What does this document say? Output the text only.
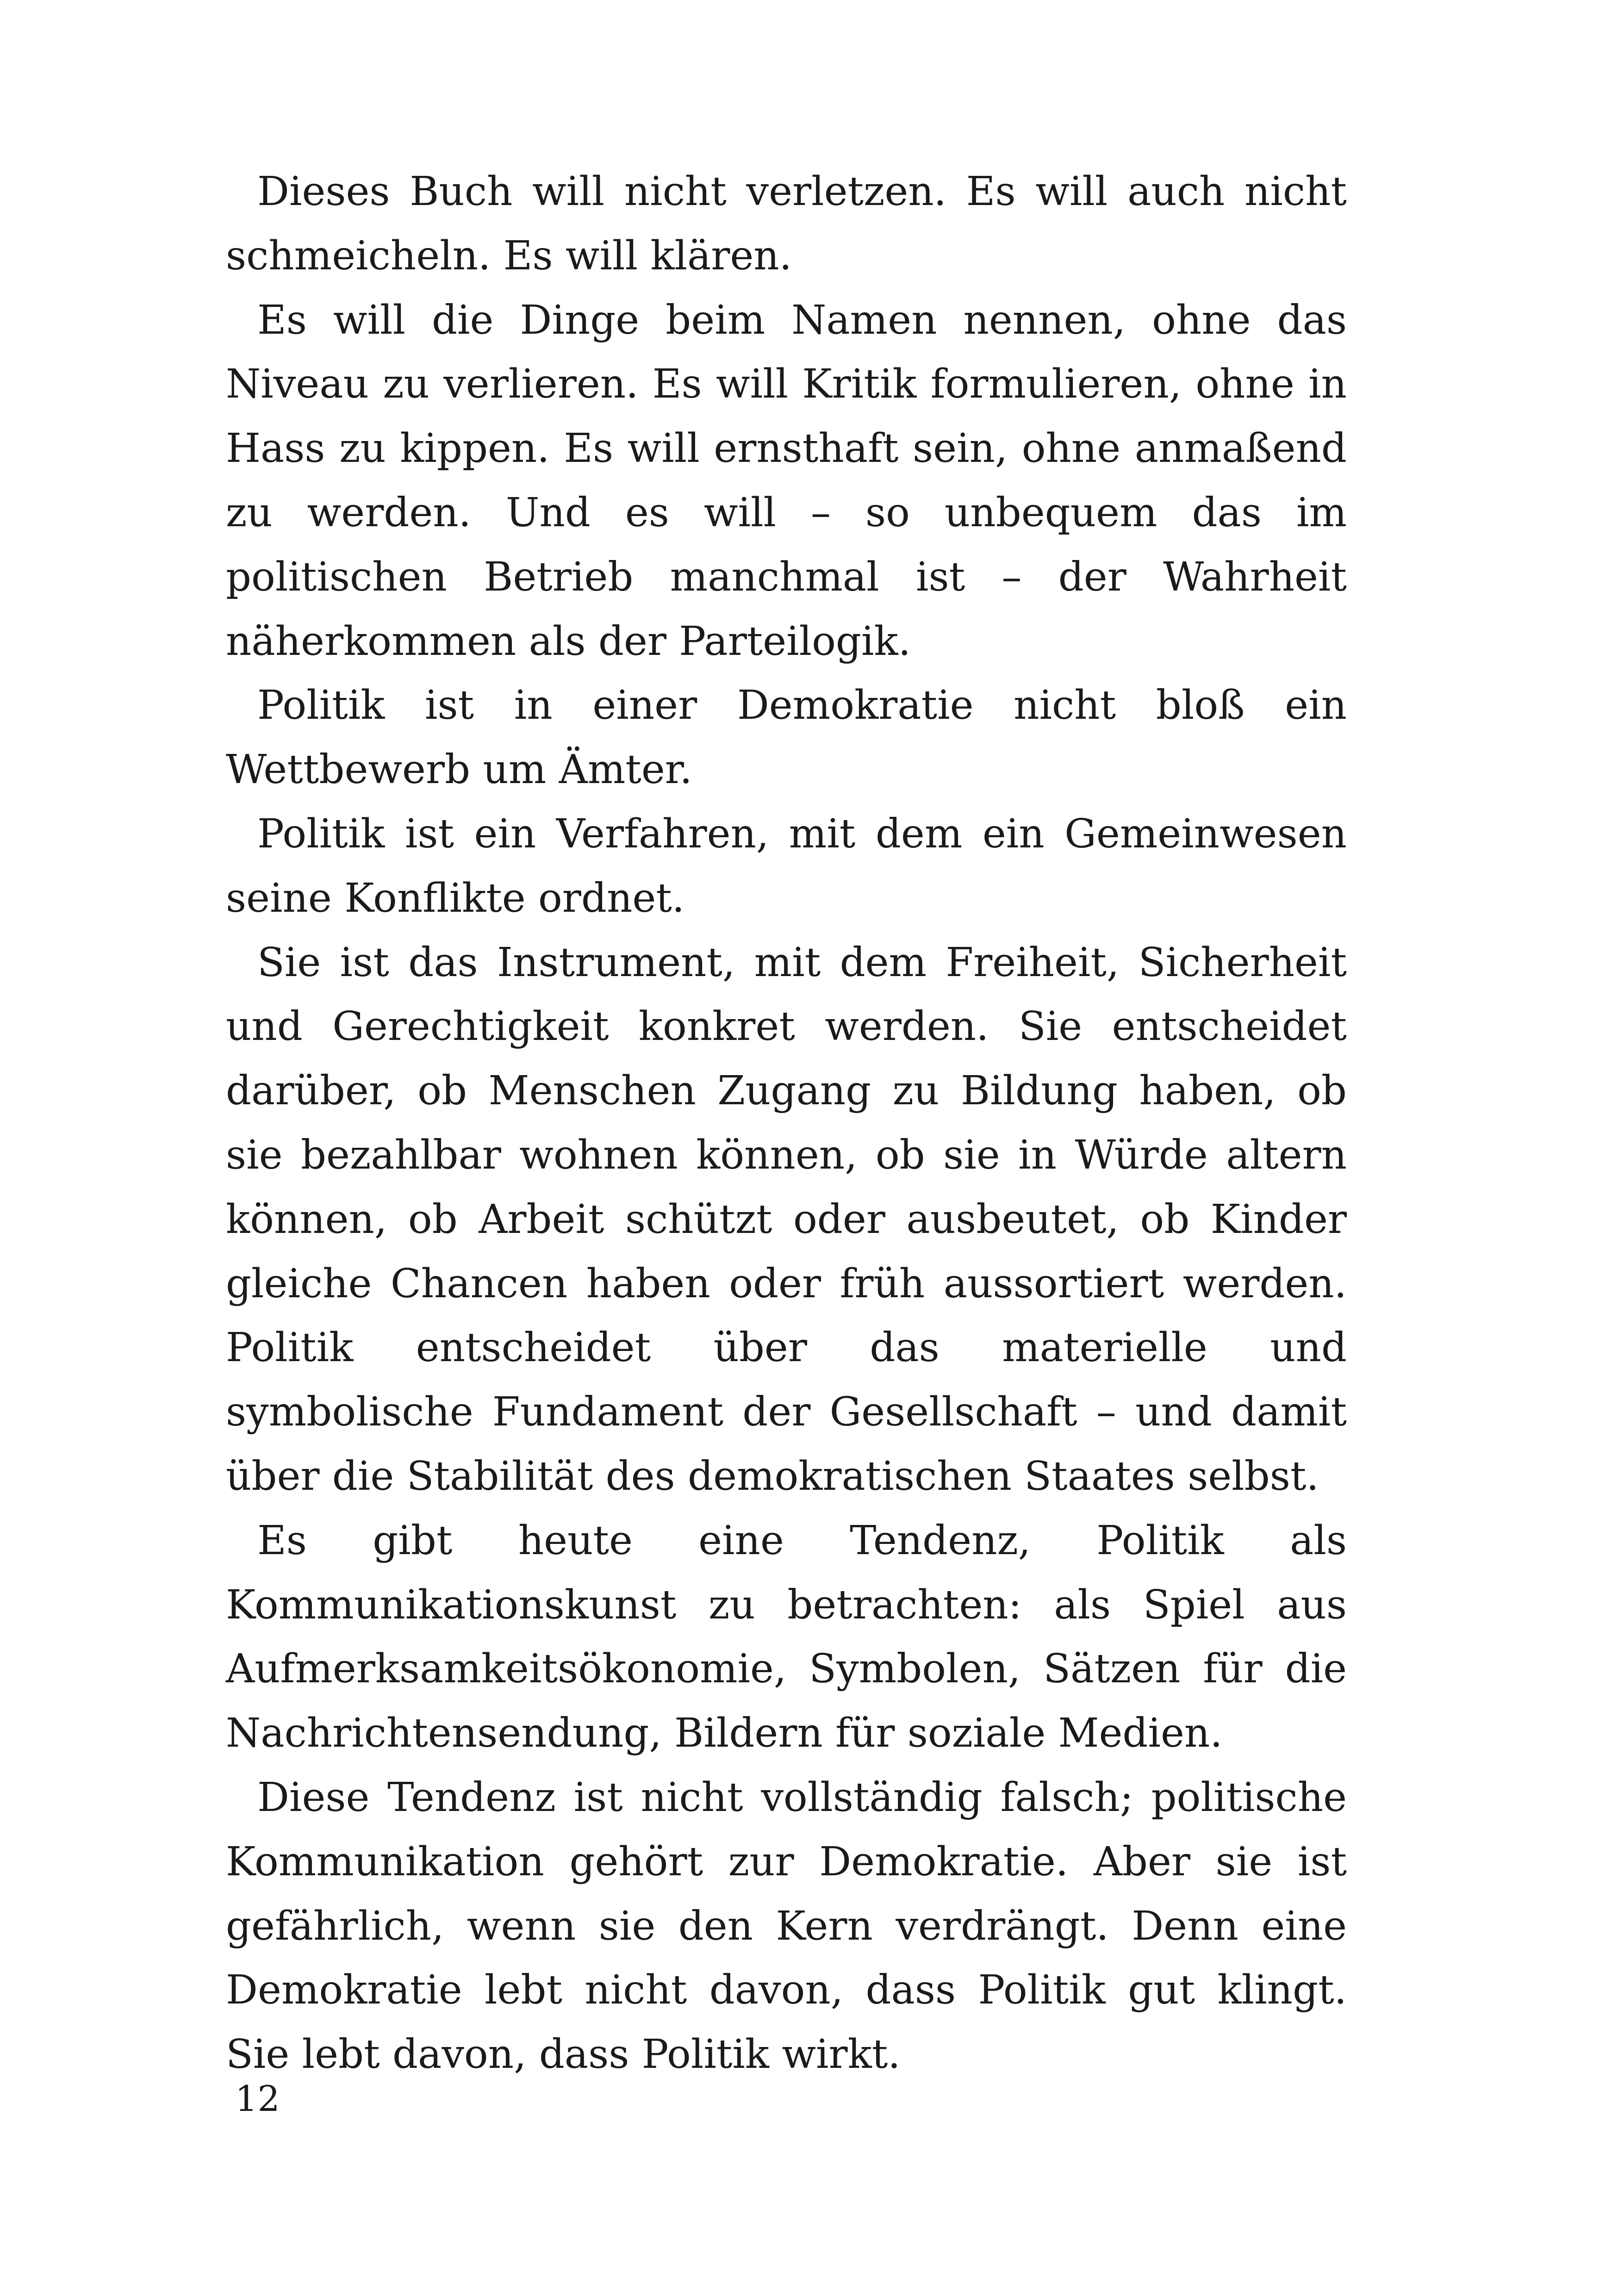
Dieses Buch will nicht verletzen. Es will auch nicht schmeicheln. Es will klären.

Es will die Dinge beim Namen nennen, ohne das Niveau zu verlieren. Es will Kritik formulieren, ohne in Hass zu kippen. Es will ernsthaft sein, ohne anmaßend zu werden. Und es will – so unbequem das im politischen Betrieb manchmal ist – der Wahrheit näherkommen als der Parteilogik.

Politik ist in einer Demokratie nicht bloß ein Wettbewerb um Ämter.

Politik ist ein Verfahren, mit dem ein Gemeinwesen seine Konflikte ordnet.

Sie ist das Instrument, mit dem Freiheit, Sicherheit und Gerechtigkeit konkret werden. Sie entscheidet darüber, ob Menschen Zugang zu Bildung haben, ob sie bezahlbar wohnen können, ob sie in Würde altern können, ob Arbeit schützt oder ausbeutet, ob Kinder gleiche Chancen haben oder früh aussortiert werden. Politik entscheidet über das materielle und symbolische Fundament der Gesellschaft – und damit über die Stabilität des demokratischen Staates selbst.

Es gibt heute eine Tendenz, Politik als Kommunikationskunst zu betrachten: als Spiel aus Aufmerksamkeitsökonomie, Symbolen, Sätzen für die Nachrichtensendung, Bildern für soziale Medien.

Diese Tendenz ist nicht vollständig falsch; politische Kommunikation gehört zur Demokratie. Aber sie ist gefährlich, wenn sie den Kern verdrängt. Denn eine Demokratie lebt nicht davon, dass Politik gut klingt. Sie lebt davon, dass Politik wirkt.

12
